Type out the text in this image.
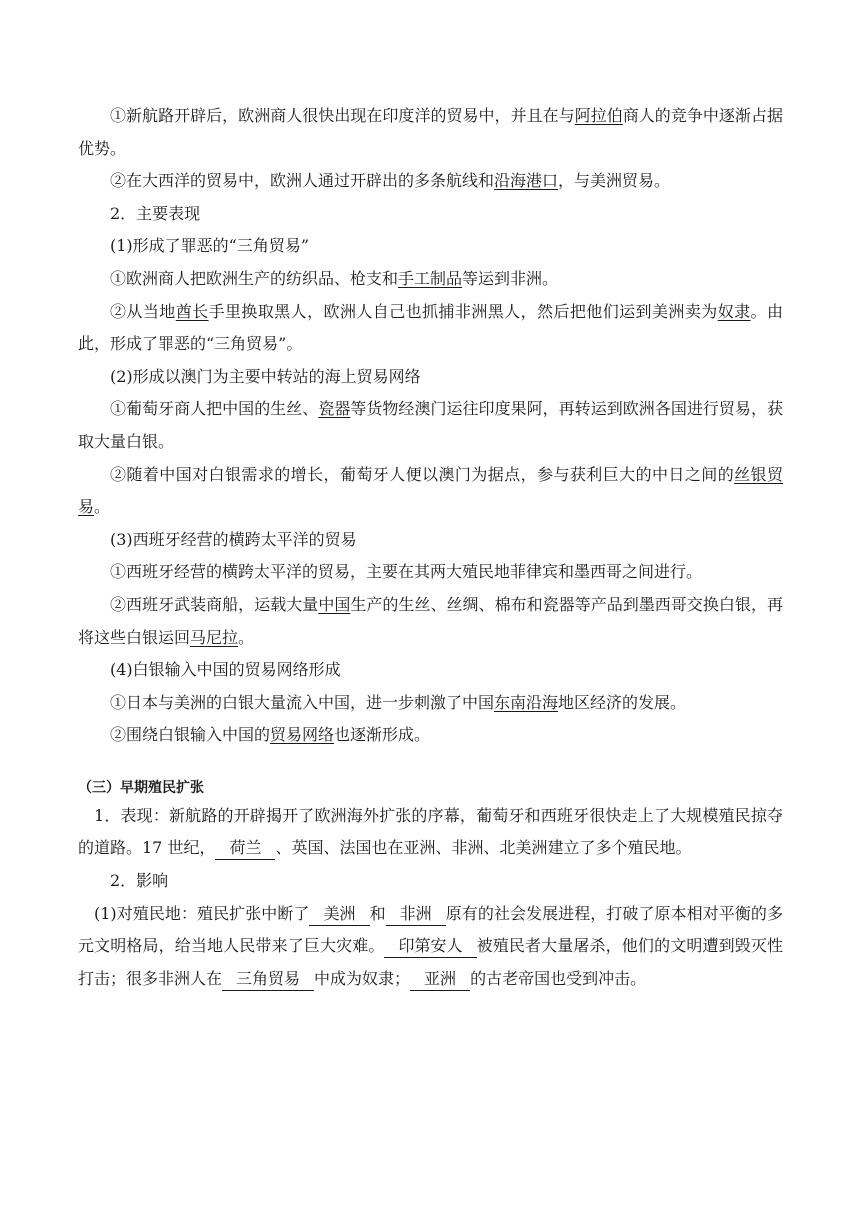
①新航路开辟后，欧洲商人很快出现在印度洋的贸易中，并且在与阿拉伯商人的竞争中逐渐占据优势。

②在大西洋的贸易中，欧洲人通过开辟出的多条航线和沿海港口，与美洲贸易。

2．主要表现

(1)形成了罪恶的“三角贸易”

①欧洲商人把欧洲生产的纺织品、枪支和手工制品等运到非洲。

②从当地酋长手里换取黑人，欧洲人自己也抓捕非洲黑人，然后把他们运到美洲卖为奴隶。由此，形成了罪恶的“三角贸易”。

(2)形成以澳门为主要中转站的海上贸易网络

①葡萄牙商人把中国的生丝、瓷器等货物经澳门运往印度果阿，再转运到欧洲各国进行贸易，获取大量白银。

②随着中国对白银需求的增长，葡萄牙人便以澳门为据点，参与获利巨大的中日之间的丝银贸易。

(3)西班牙经营的横跨太平洋的贸易

①西班牙经营的横跨太平洋的贸易，主要在其两大殖民地菲律宾和墨西哥之间进行。

②西班牙武装商船，运载大量中国生产的生丝、丝绸、棉布和瓷器等产品到墨西哥交换白银，再将这些白银运回马尼拉。

(4)白银输入中国的贸易网络形成

①日本与美洲的白银大量流入中国，进一步刺激了中国东南沿海地区经济的发展。

②围绕白银输入中国的贸易网络也逐渐形成。

（三）早期殖民扩张

1．表现：新航路的开辟揭开了欧洲海外扩张的序幕，葡萄牙和西班牙很快走上了大规模殖民掠夺的道路。17 世纪， 荷兰 、英国、法国也在亚洲、非洲、北美洲建立了多个殖民地。

2．影响

(1)对殖民地：殖民扩张中断了 美洲 和 非洲 原有的社会发展进程，打破了原本相对平衡的多元文明格局，给当地人民带来了巨大灾难。 印第安人 被殖民者大量屠杀，他们的文明遭到毁灭性打击；很多非洲人在 三角贸易 中成为奴隶； 亚洲 的古老帝国也受到冲击。
